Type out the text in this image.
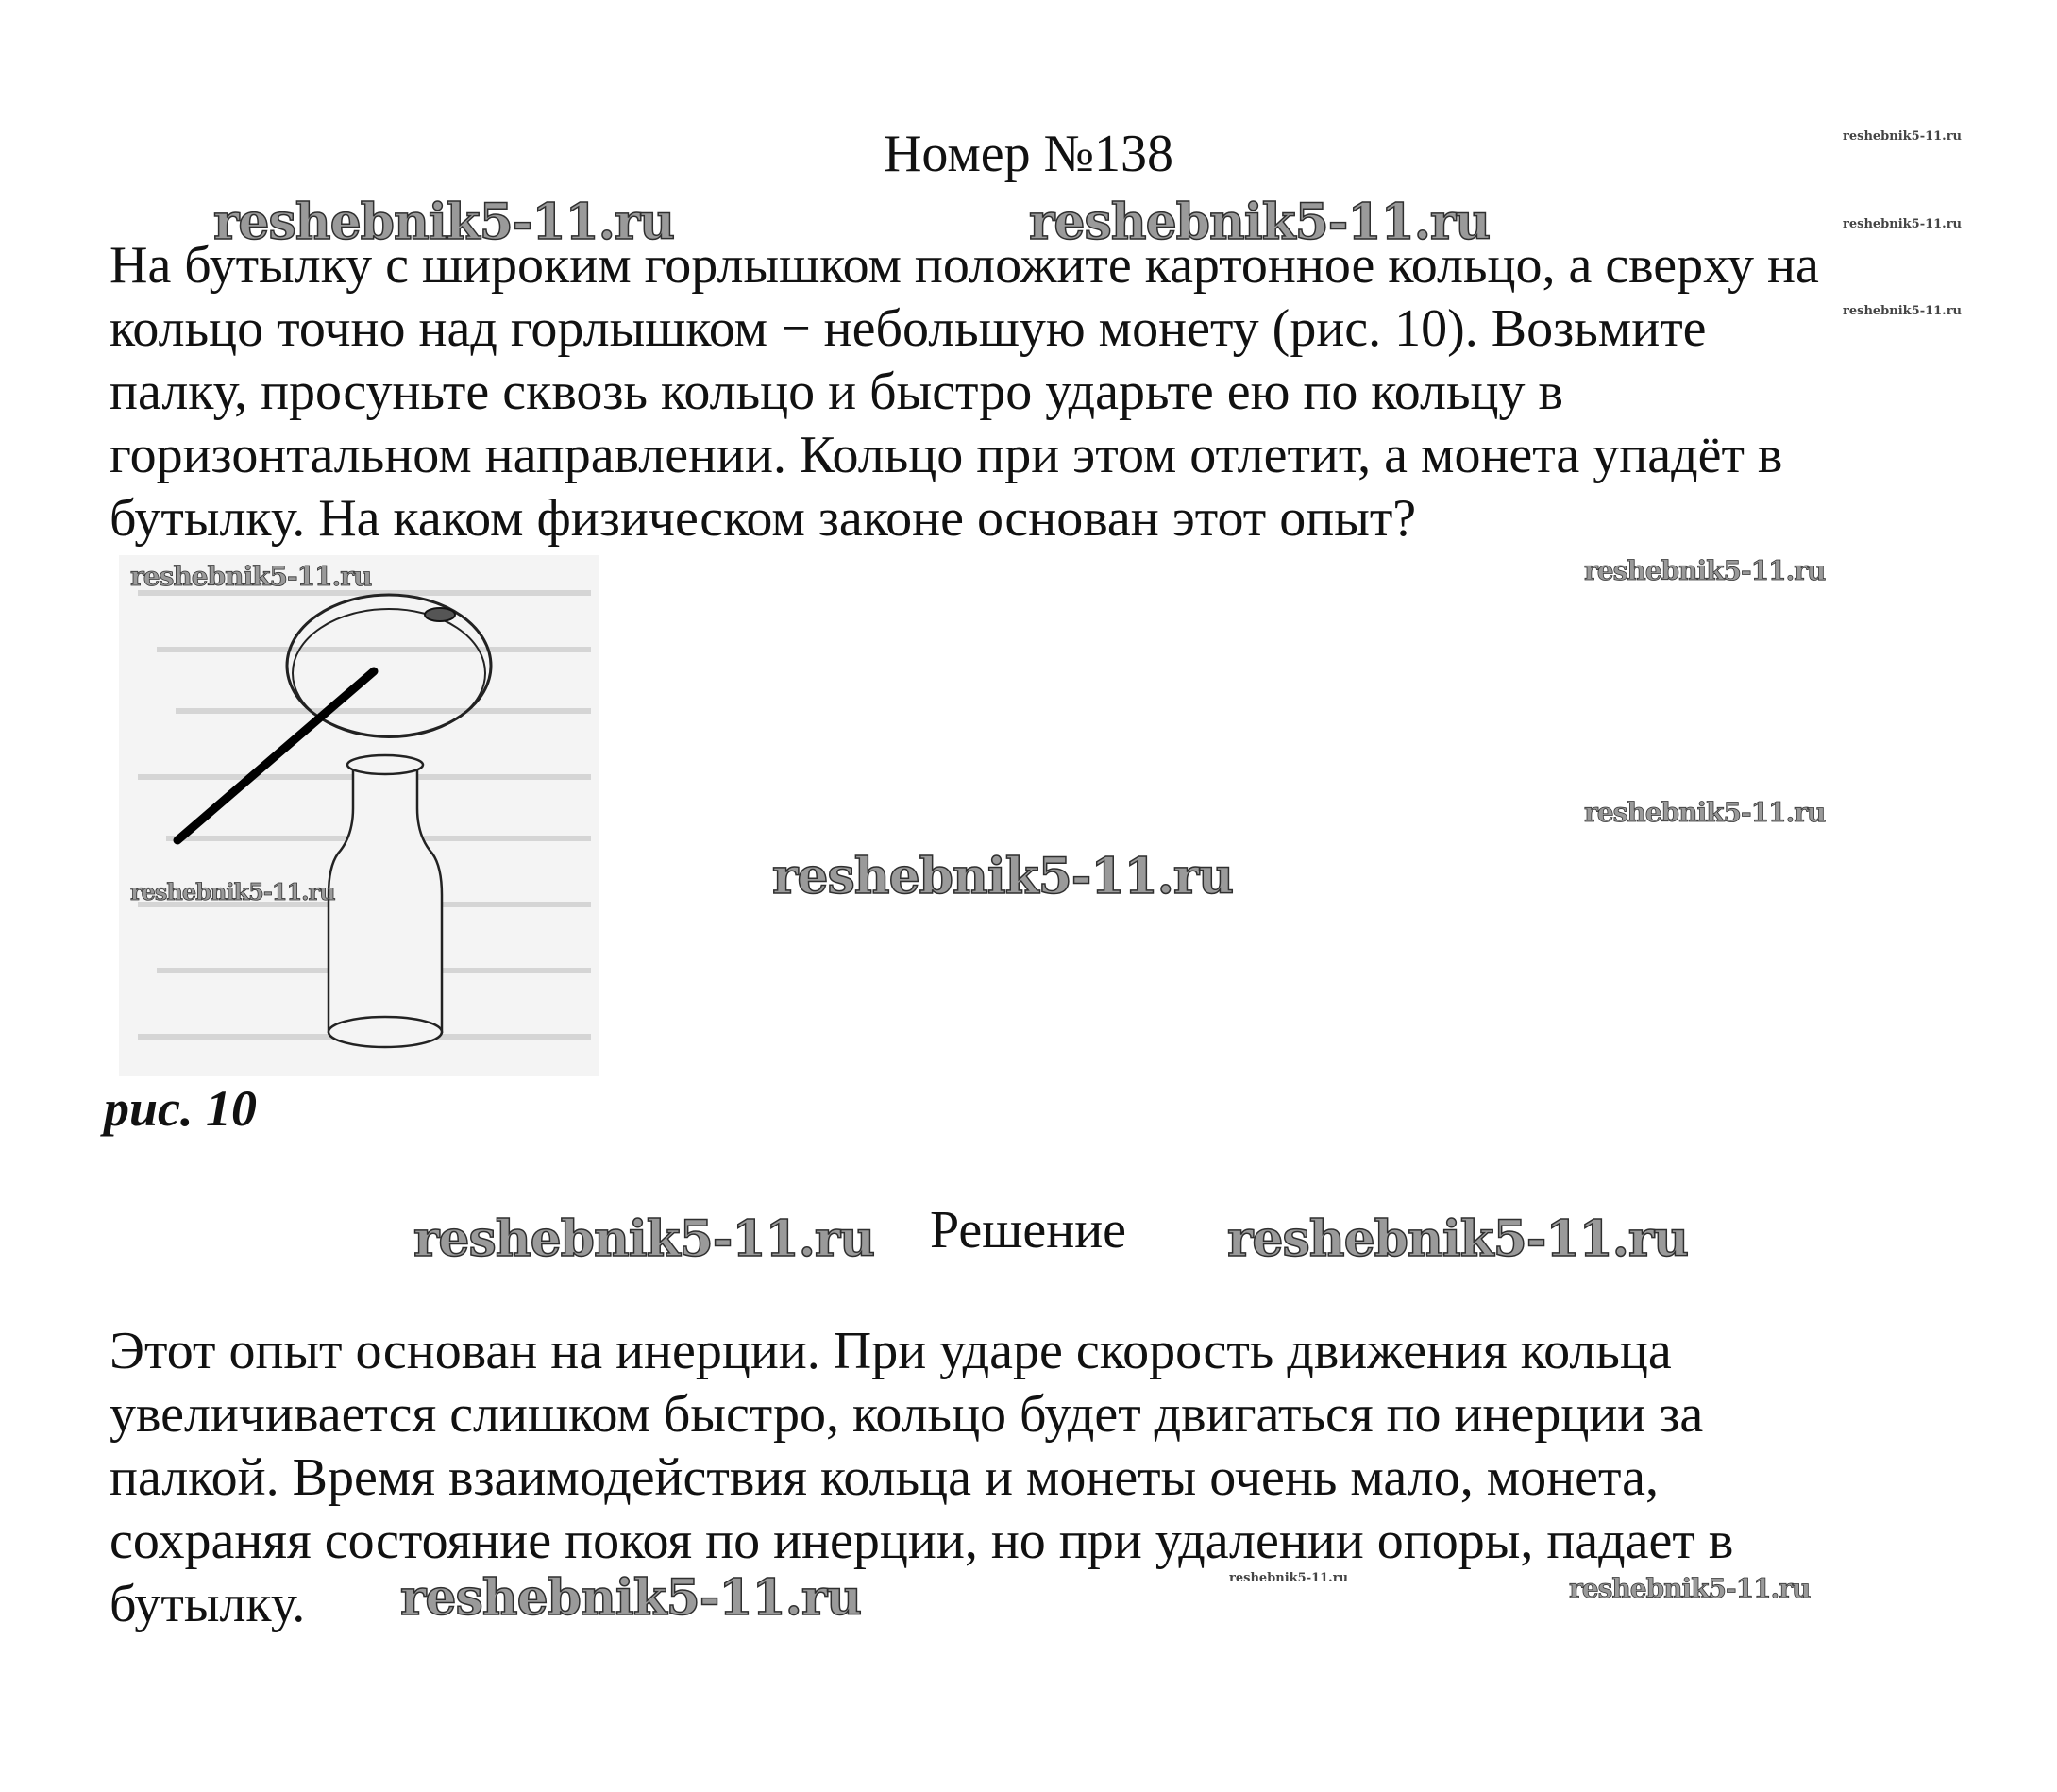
Номер №138

На бутылку с широким горлышком положите картонное кольцо, а сверху на
кольцо точно над горлышком − небольшую монету (рис. 10). Возьмите
палку, просуньте сквозь кольцо и быстро ударьте ею по кольцу в
горизонтальном направлении. Кольцо при этом отлетит, а монета упадёт в
бутылку. На каком физическом законе основан этот опыт?

рис. 10
Решение

Этот опыт основан на инерции. При ударе скорость движения кольца
увеличивается слишком быстро, кольцо будет двигаться по инерции за
палкой. Время взаимодействия кольца и монеты очень мало, монета,
сохраняя состояние покоя по инерции, но при удалении опоры, падает в
бутылку.

reshebnik5-11.ru	reshebnik5-11.ru
reshebnik5-11.ru
reshebnik5-11.ru
reshebnik5-11.ru
reshebnik5-11.ru	reshebnik5-11.ru
reshebnik5-11.ru
reshebnik5-11.ru
reshebnik5-11.ru
reshebnik5-11.ru	reshebnik5-11.ru
reshebnik5-11.ru	reshebnik5-11.ru	reshebnik5-11.ru
